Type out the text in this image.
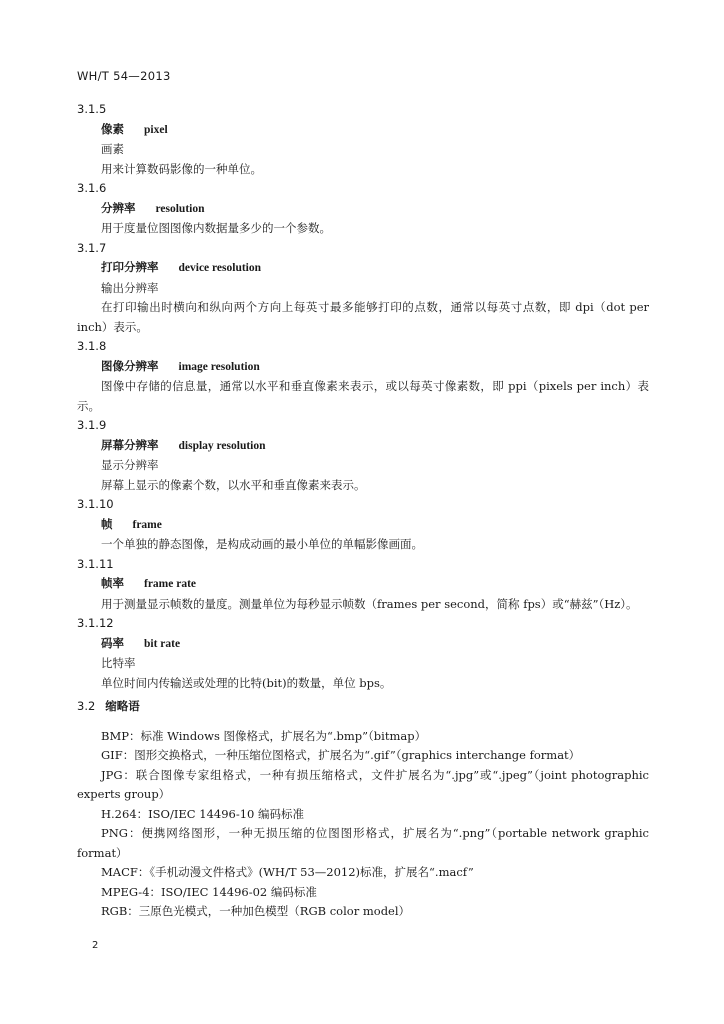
WH/T 54—2013
3.1.5
像素 pixel
画素
用来计算数码影像的一种单位。
3.1.6
分辨率 resolution
用于度量位图图像内数据量多少的一个参数。
3.1.7
打印分辨率 device resolution
输出分辨率
在打印输出时横向和纵向两个方向上每英寸最多能够打印的点数，通常以每英寸点数，即 dpi（dot per inch）表示。
3.1.8
图像分辨率 image resolution
图像中存储的信息量，通常以水平和垂直像素来表示，或以每英寸像素数，即 ppi（pixels per inch）表示。
3.1.9
屏幕分辨率 display resolution
显示分辨率
屏幕上显示的像素个数，以水平和垂直像素来表示。
3.1.10
帧 frame
一个单独的静态图像，是构成动画的最小单位的单幅影像画面。
3.1.11
帧率 frame rate
用于测量显示帧数的量度。测量单位为每秒显示帧数（frames per second，简称 fps）或“赫兹”（Hz）。
3.1.12
码率 bit rate
比特率
单位时间内传输送或处理的比特(bit)的数量，单位 bps。
3.2 缩略语
BMP：标准 Windows 图像格式，扩展名为“.bmp”（bitmap）
GIF：图形交换格式，一种压缩位图格式，扩展名为“.gif”（graphics interchange format）
JPG：联合图像专家组格式，一种有损压缩格式，文件扩展名为“.jpg”或“.jpeg”（joint photographic experts group）
H.264：ISO/IEC 14496-10 编码标准
PNG：便携网络图形，一种无损压缩的位图图形格式，扩展名为“.png”（portable network graphic format）
MACF：《手机动漫文件格式》(WH/T 53—2012)标准，扩展名“.macf”
MPEG-4：ISO/IEC 14496-02 编码标准
RGB：三原色光模式，一种加色模型（RGB color model）
2
